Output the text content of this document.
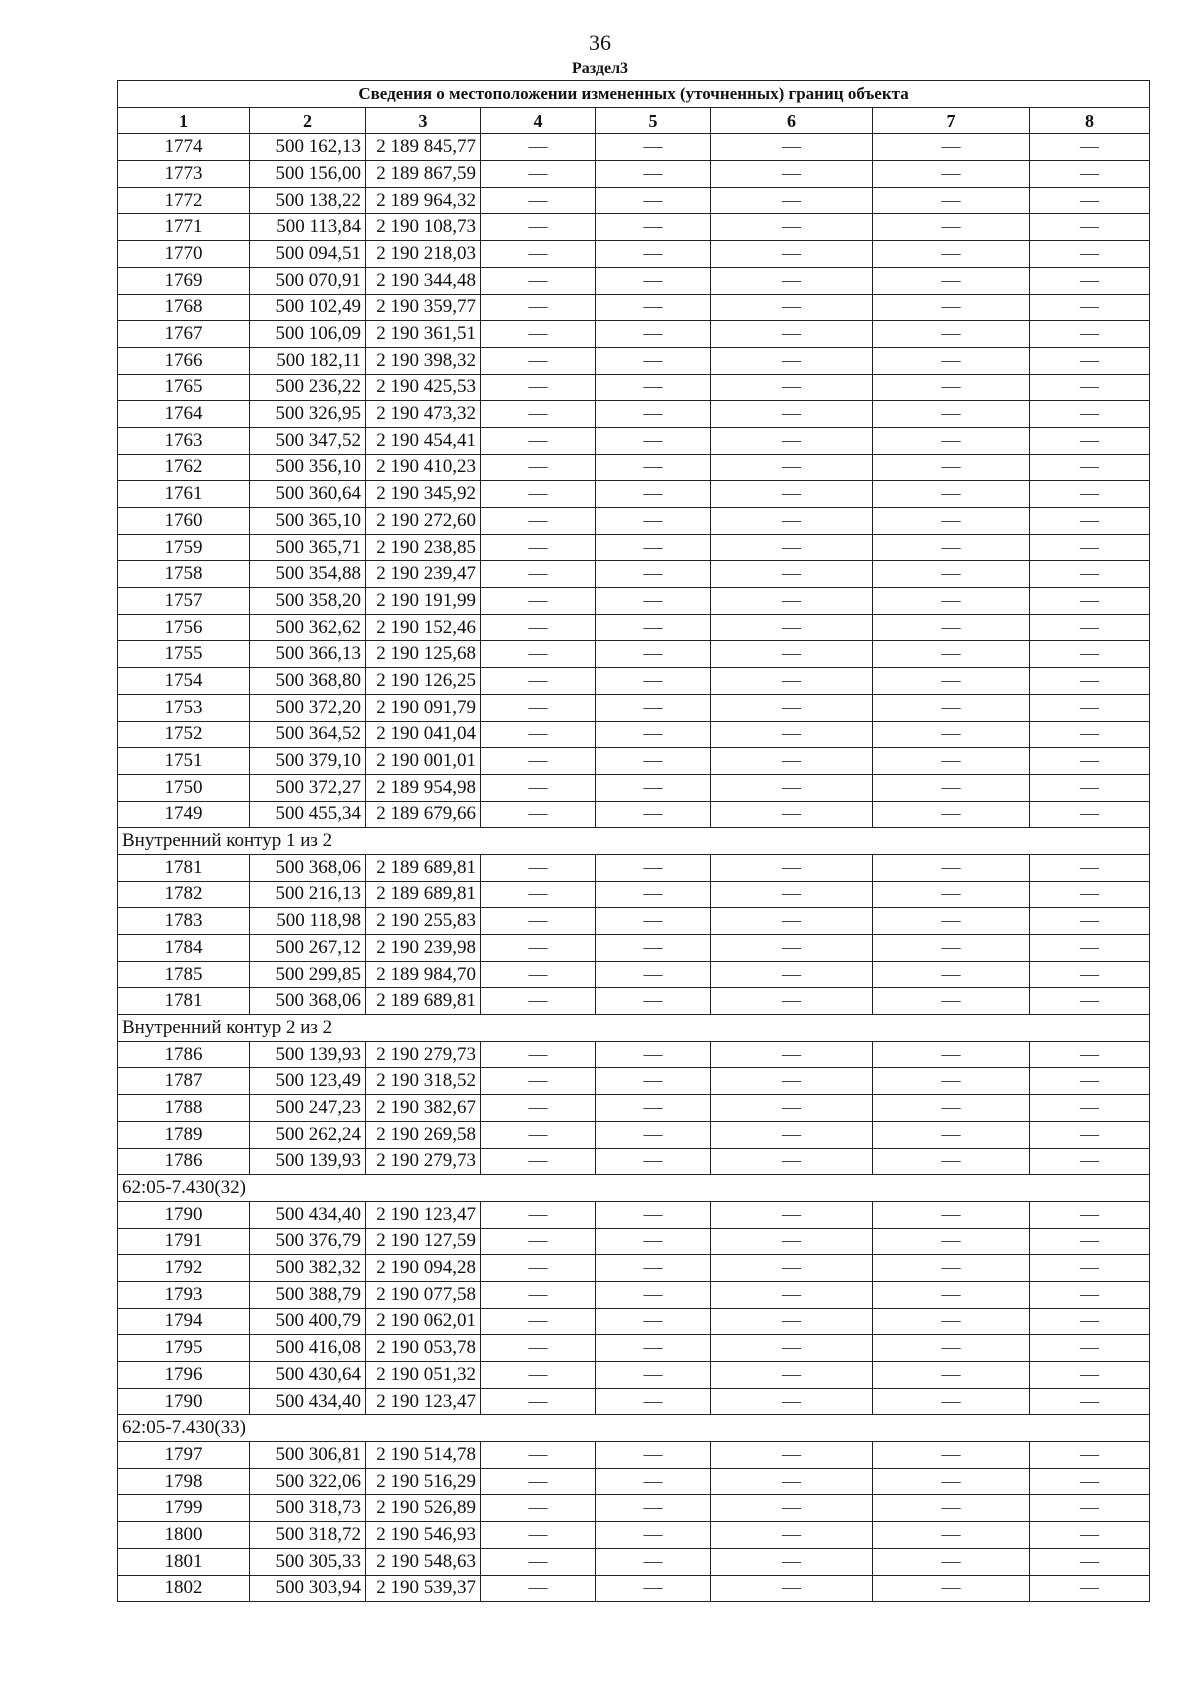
36
Раздел3
Сведения о местоположении измененных (уточненных) границ объекта							
1	2	3	4	5	6	7	8
1774	500 162,13	2 189 845,77	—	—	—	—	—
1773	500 156,00	2 189 867,59	—	—	—	—	—
1772	500 138,22	2 189 964,32	—	—	—	—	—
1771	500 113,84	2 190 108,73	—	—	—	—	—
1770	500 094,51	2 190 218,03	—	—	—	—	—
1769	500 070,91	2 190 344,48	—	—	—	—	—
1768	500 102,49	2 190 359,77	—	—	—	—	—
1767	500 106,09	2 190 361,51	—	—	—	—	—
1766	500 182,11	2 190 398,32	—	—	—	—	—
1765	500 236,22	2 190 425,53	—	—	—	—	—
1764	500 326,95	2 190 473,32	—	—	—	—	—
1763	500 347,52	2 190 454,41	—	—	—	—	—
1762	500 356,10	2 190 410,23	—	—	—	—	—
1761	500 360,64	2 190 345,92	—	—	—	—	—
1760	500 365,10	2 190 272,60	—	—	—	—	—
1759	500 365,71	2 190 238,85	—	—	—	—	—
1758	500 354,88	2 190 239,47	—	—	—	—	—
1757	500 358,20	2 190 191,99	—	—	—	—	—
1756	500 362,62	2 190 152,46	—	—	—	—	—
1755	500 366,13	2 190 125,68	—	—	—	—	—
1754	500 368,80	2 190 126,25	—	—	—	—	—
1753	500 372,20	2 190 091,79	—	—	—	—	—
1752	500 364,52	2 190 041,04	—	—	—	—	—
1751	500 379,10	2 190 001,01	—	—	—	—	—
1750	500 372,27	2 189 954,98	—	—	—	—	—
1749	500 455,34	2 189 679,66	—	—	—	—	—
Внутренний контур 1 из 2							
1781	500 368,06	2 189 689,81	—	—	—	—	—
1782	500 216,13	2 189 689,81	—	—	—	—	—
1783	500 118,98	2 190 255,83	—	—	—	—	—
1784	500 267,12	2 190 239,98	—	—	—	—	—
1785	500 299,85	2 189 984,70	—	—	—	—	—
1781	500 368,06	2 189 689,81	—	—	—	—	—
Внутренний контур 2 из 2							
1786	500 139,93	2 190 279,73	—	—	—	—	—
1787	500 123,49	2 190 318,52	—	—	—	—	—
1788	500 247,23	2 190 382,67	—	—	—	—	—
1789	500 262,24	2 190 269,58	—	—	—	—	—
1786	500 139,93	2 190 279,73	—	—	—	—	—
62:05-7.430(32)							
1790	500 434,40	2 190 123,47	—	—	—	—	—
1791	500 376,79	2 190 127,59	—	—	—	—	—
1792	500 382,32	2 190 094,28	—	—	—	—	—
1793	500 388,79	2 190 077,58	—	—	—	—	—
1794	500 400,79	2 190 062,01	—	—	—	—	—
1795	500 416,08	2 190 053,78	—	—	—	—	—
1796	500 430,64	2 190 051,32	—	—	—	—	—
1790	500 434,40	2 190 123,47	—	—	—	—	—
62:05-7.430(33)							
1797	500 306,81	2 190 514,78	—	—	—	—	—
1798	500 322,06	2 190 516,29	—	—	—	—	—
1799	500 318,73	2 190 526,89	—	—	—	—	—
1800	500 318,72	2 190 546,93	—	—	—	—	—
1801	500 305,33	2 190 548,63	—	—	—	—	—
1802	500 303,94	2 190 539,37	—	—	—	—	—
